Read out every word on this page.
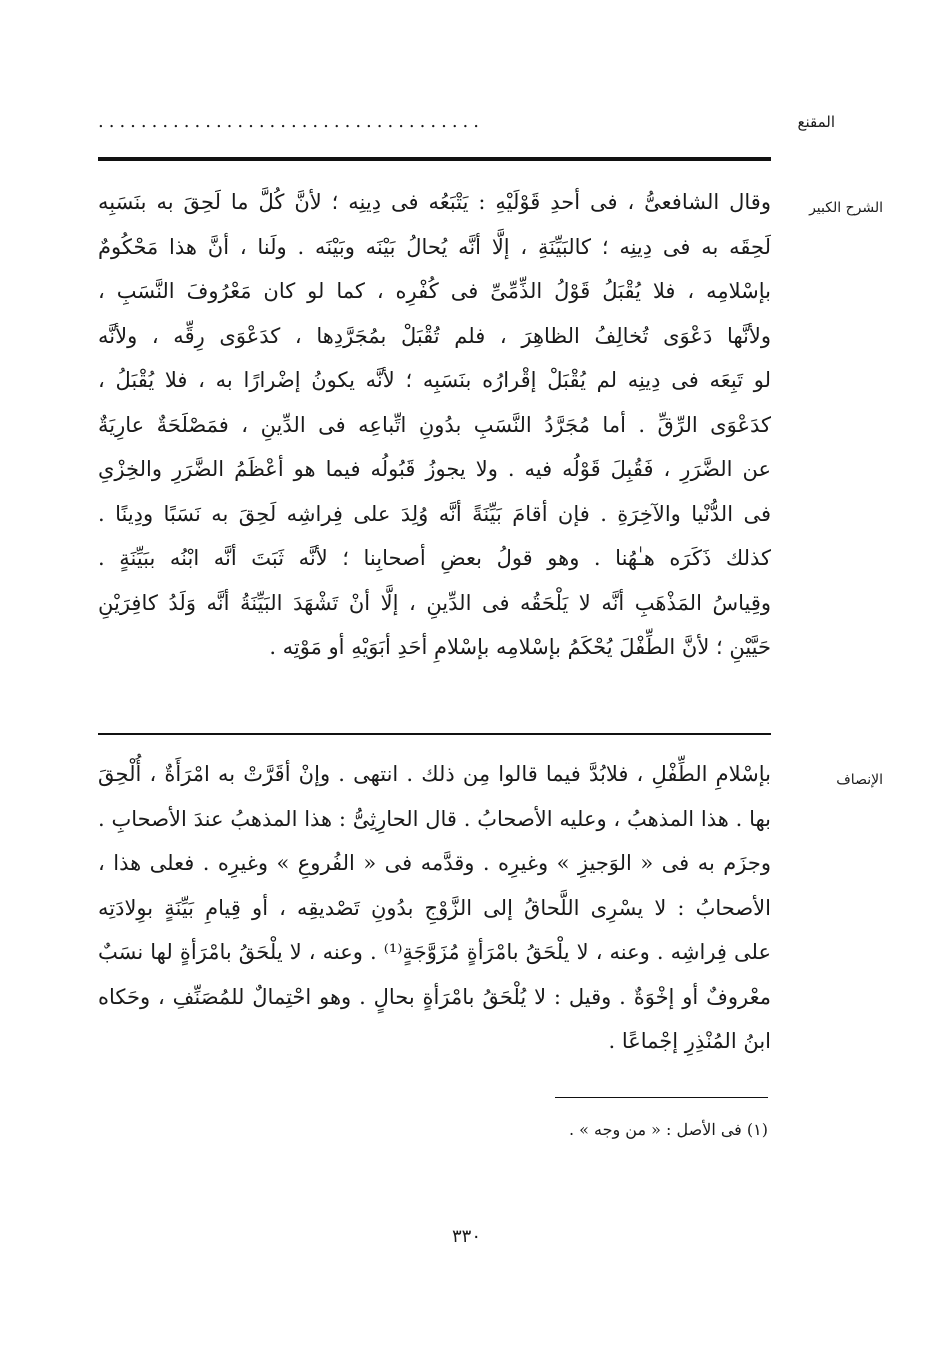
المقنع
....................................
الشرح الكبير
وقال الشافعىُّ ، فى أحدِ قَوْلَيْهِ : يَتْبَعُه فى دِينِه ؛ لأنَّ كُلَّ ما لَحِقَ به بنَسَبِه
لَحِقَه به فى دِينِه ؛ كالبَيِّنَةِ ، إلَّا أنَّه يُحالُ بَيْنَه وبَيْنَه . ولَنا ، أنَّ هذا مَحْكُومٌ
بإسْلامِه ، فلا يُقْبَلُ قَوْلُ الذِّمِّىِّ فى كُفْرِه ، كما لو كان مَعْرُوفَ النَّسَبِ ،
ولأنَّها دَعْوَى تُخالِفُ الظاهِرَ ، فلم تُقْبَلْ بمُجَرَّدِها ، كدَعْوَى رِقِّه ، ولأنَّه
لو تَبِعَه فى دِينِه لم يُقْبَلْ إقْرارُه بنَسَبِه ؛ لأنَّه يكونُ إضْرارًا به ، فلا يُقْبَلُ ،
كدَعْوَى الرِّقِّ . أما مُجَرَّدُ النَّسَبِ بدُونِ اتِّباعِه فى الدِّينِ ، فمَصْلَحَةٌ عارِيَةٌ
عن الضَّرَرِ ، فَقُبِلَ قَوْلُه فيه . ولا يجوزُ قَبُولُه فيما هو أعْظَمُ الضَّرَرِ والخِزْىِ
فى الدُّنْيا والآخِرَةِ . فإن أقامَ بَيِّنَةً أنَّه وُلِدَ على فِراشِه لَحِقَ به نَسَبًا ودِينًا .
كذلك ذَكَرَه هـٰهُنا . وهو قولُ بعضِ أصحابِنا ؛ لأنَّه ثَبَتَ أنَّه ابْنُه ببَيِّنَةٍ .
وقِياسُ المَذْهَبِ أنَّه لا يَلْحَقُه فى الدِّينِ ، إلَّا أنْ تَشْهَدَ البَيِّنَةُ أنَّه وَلَدُ كافِرَيْنِ
حَيَّيْنِ ؛ لأنَّ الطِّفْلَ يُحْكَمُ بإسْلامِه بإسْلامِ أحَدِ أبَوَيْهِ أو مَوْتِه .
الإنصاف
بإسْلامِ الطِّفْلِ ، فلابُدَّ فيما قالوا مِن ذلك . انتهى . وإنْ أقَرَّتْ به امْرَأَةٌ ، أُلْحِقَ
بها . هذا المذهبُ ، وعليه الأصحابُ . قال الحارِثِىُّ : هذا المذهبُ عندَ الأصحابِ .
وجزَم به فى « الوَجيزِ » وغيرِه . وقدَّمه فى « الفُروعِ » وغيرِه . فعلى هذا ،
الأصحابُ : لا يسْرِى اللَّحاقُ إلى الزَّوْجِ بدُونِ تَصْديقِه ، أو قِيامِ بَيِّنَةٍ بوِلادَتِه
على فِراشِه . وعنه ، لا يلْحَقُ بامْرَأةٍ مُزَوَّجَةٍ⁽¹⁾ . وعنه ، لا يلْحَقُ بامْرَأةٍ لها نسَبٌ
معْروفٌ أو إخْوَةٌ . وقيل : لا يُلْحَقُ بامْرَأةٍ بحالٍ . وهو احْتِمالٌ للمُصَنِّفِ ، وحَكاه
ابنُ المُنْذِرِ إجْماعًا .
(١) فى الأصل : « من وجه » .
٣٣٠
